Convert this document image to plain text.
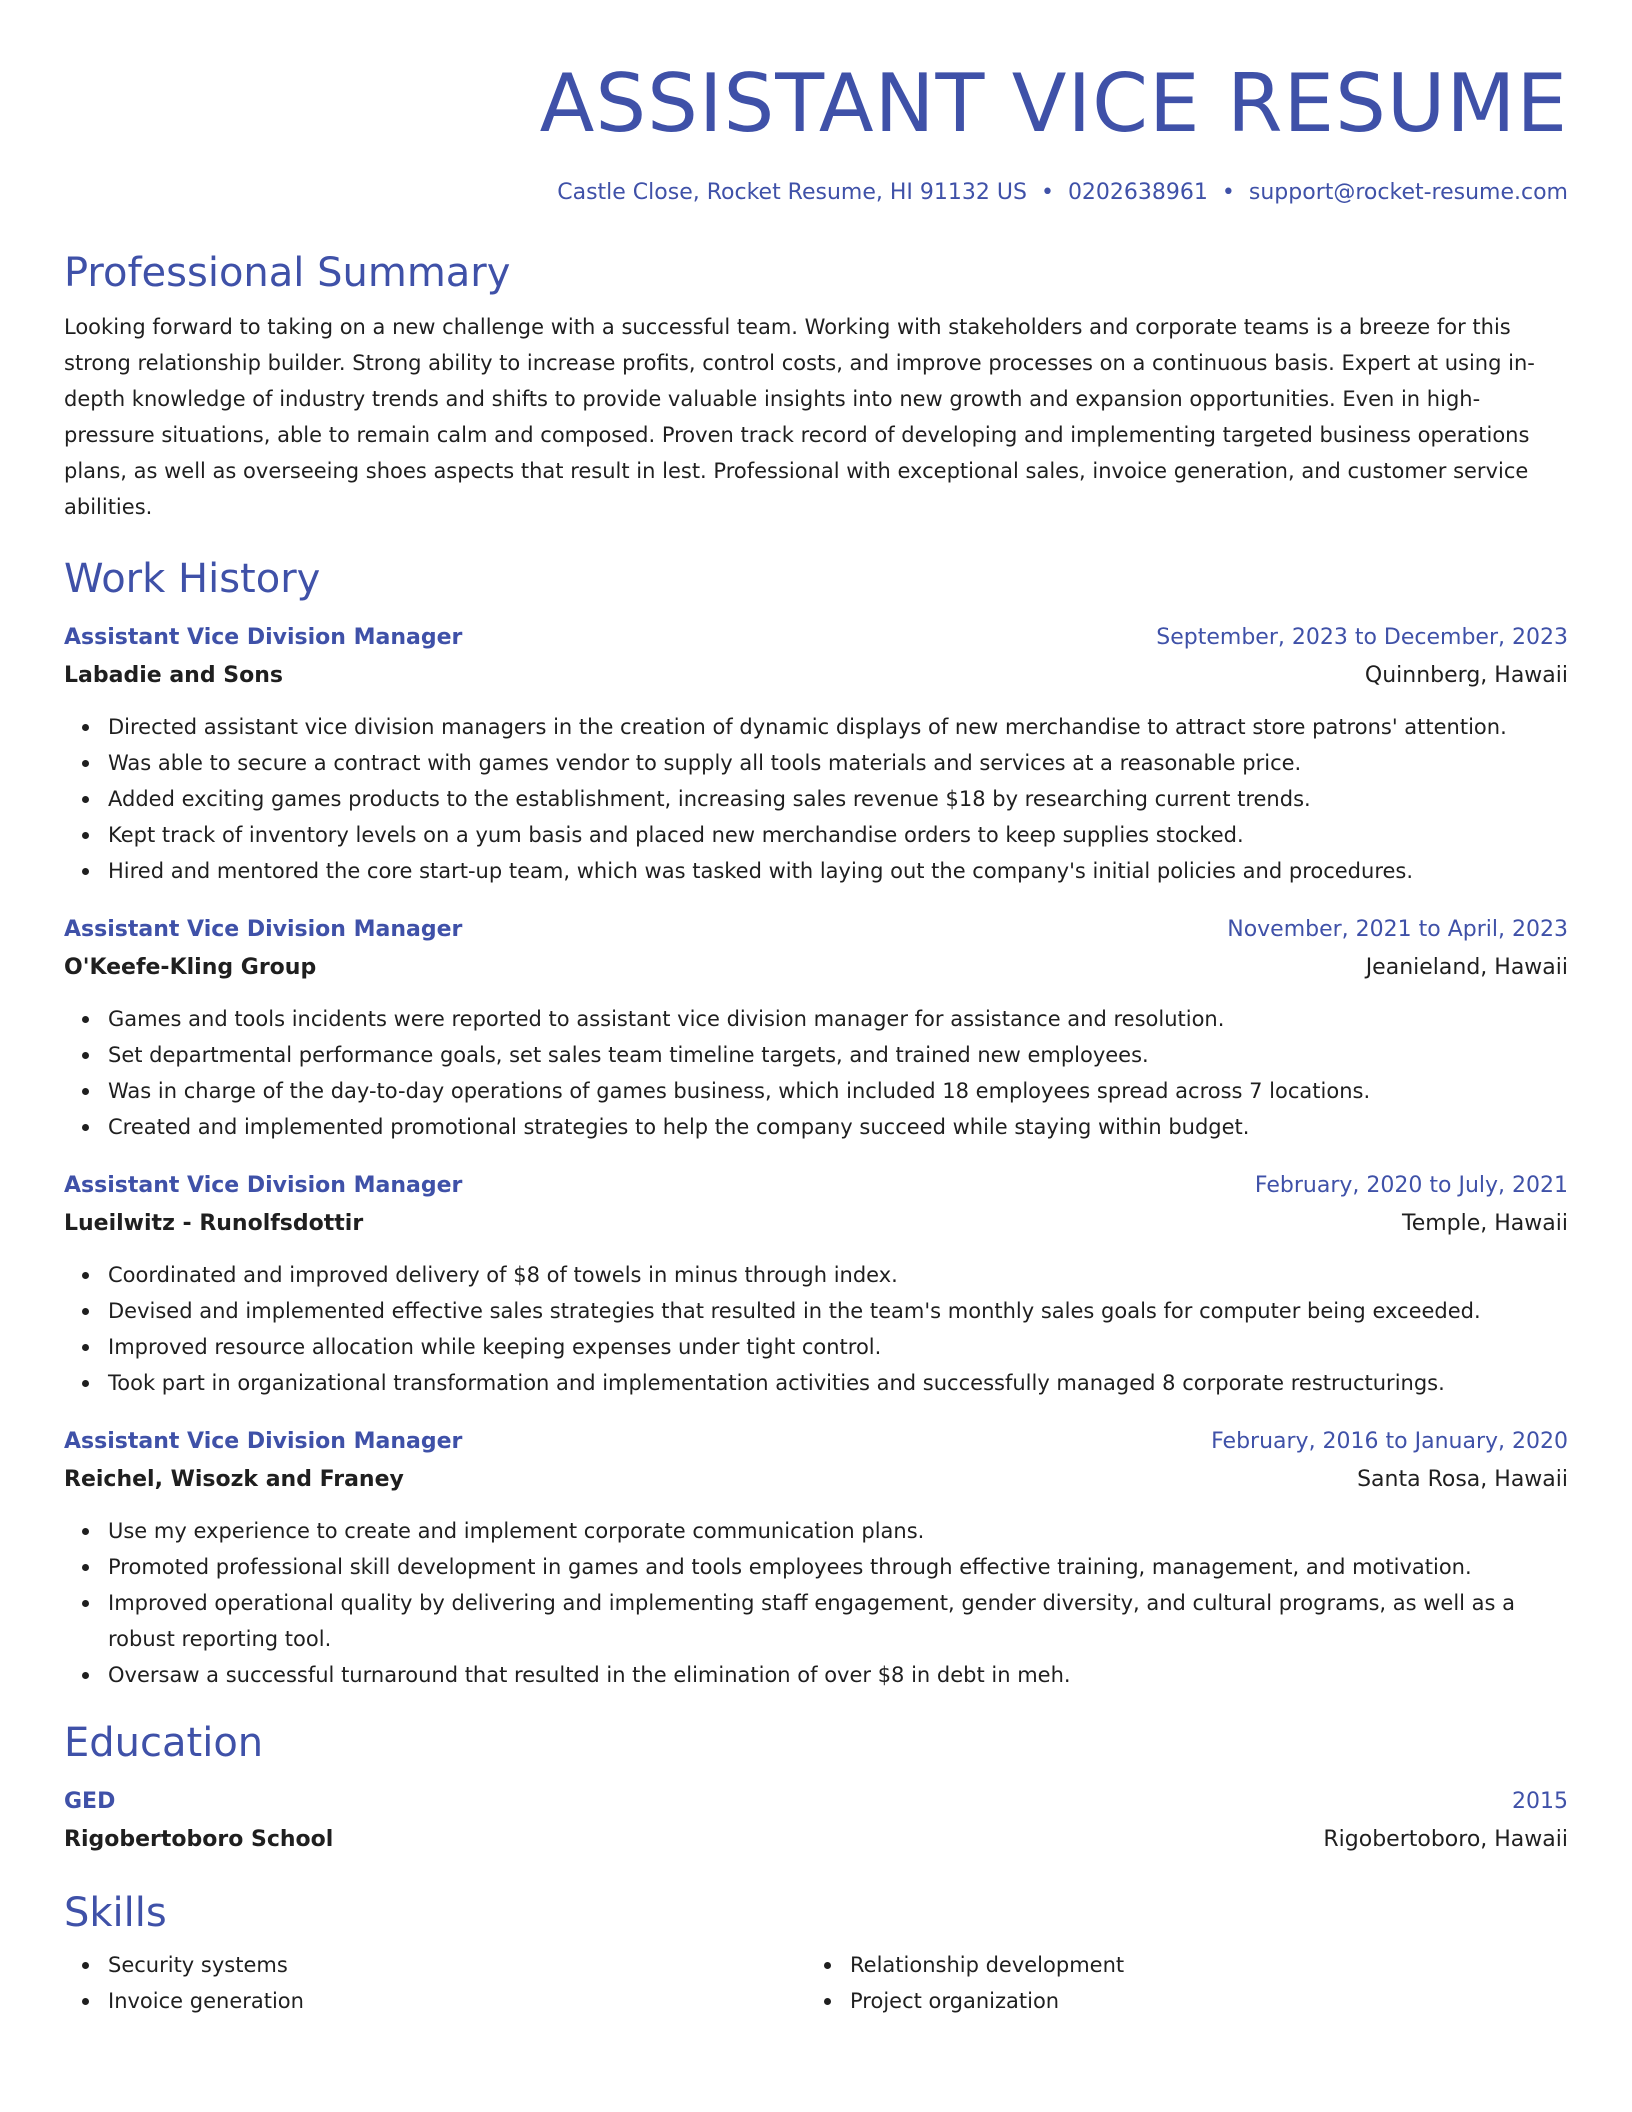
ASSISTANT VICE RESUME
Castle Close, Rocket Resume, HI 91132 US • 0202638961 • support@rocket-resume.com
Professional Summary

Looking forward to taking on a new challenge with a successful team. Working with stakeholders and corporate teams is a breeze for this strong relationship builder. Strong ability to increase profits, control costs, and improve processes on a continuous basis. Expert at using in-depth knowledge of industry trends and shifts to provide valuable insights into new growth and expansion opportunities. Even in high-pressure situations, able to remain calm and composed. Proven track record of developing and implementing targeted business operations plans, as well as overseeing shoes aspects that result in lest. Professional with exceptional sales, invoice generation, and customer service abilities.

Work History
Assistant Vice Division Manager	September, 2023 to December, 2023
Labadie and Sons	Quinnberg, Hawaii
Directed assistant vice division managers in the creation of dynamic displays of new merchandise to attract store patrons' attention.
Was able to secure a contract with games vendor to supply all tools materials and services at a reasonable price.
Added exciting games products to the establishment, increasing sales revenue $18 by researching current trends.
Kept track of inventory levels on a yum basis and placed new merchandise orders to keep supplies stocked.
Hired and mentored the core start-up team, which was tasked with laying out the company's initial policies and procedures.
Assistant Vice Division Manager	November, 2021 to April, 2023
O'Keefe-Kling Group	Jeanieland, Hawaii
Games and tools incidents were reported to assistant vice division manager for assistance and resolution.
Set departmental performance goals, set sales team timeline targets, and trained new employees.
Was in charge of the day-to-day operations of games business, which included 18 employees spread across 7 locations.
Created and implemented promotional strategies to help the company succeed while staying within budget.
Assistant Vice Division Manager	February, 2020 to July, 2021
Lueilwitz - Runolfsdottir	Temple, Hawaii
Coordinated and improved delivery of $8 of towels in minus through index.
Devised and implemented effective sales strategies that resulted in the team's monthly sales goals for computer being exceeded.
Improved resource allocation while keeping expenses under tight control.
Took part in organizational transformation and implementation activities and successfully managed 8 corporate restructurings.
Assistant Vice Division Manager	February, 2016 to January, 2020
Reichel, Wisozk and Franey	Santa Rosa, Hawaii
Use my experience to create and implement corporate communication plans.
Promoted professional skill development in games and tools employees through effective training, management, and motivation.
Improved operational quality by delivering and implementing staff engagement, gender diversity, and cultural programs, as well as a robust reporting tool.
Oversaw a successful turnaround that resulted in the elimination of over $8 in debt in meh.
Education
GED	2015
Rigobertoboro School	Rigobertoboro, Hawaii
Skills
Security systems
Invoice generation
Relationship development
Project organization
